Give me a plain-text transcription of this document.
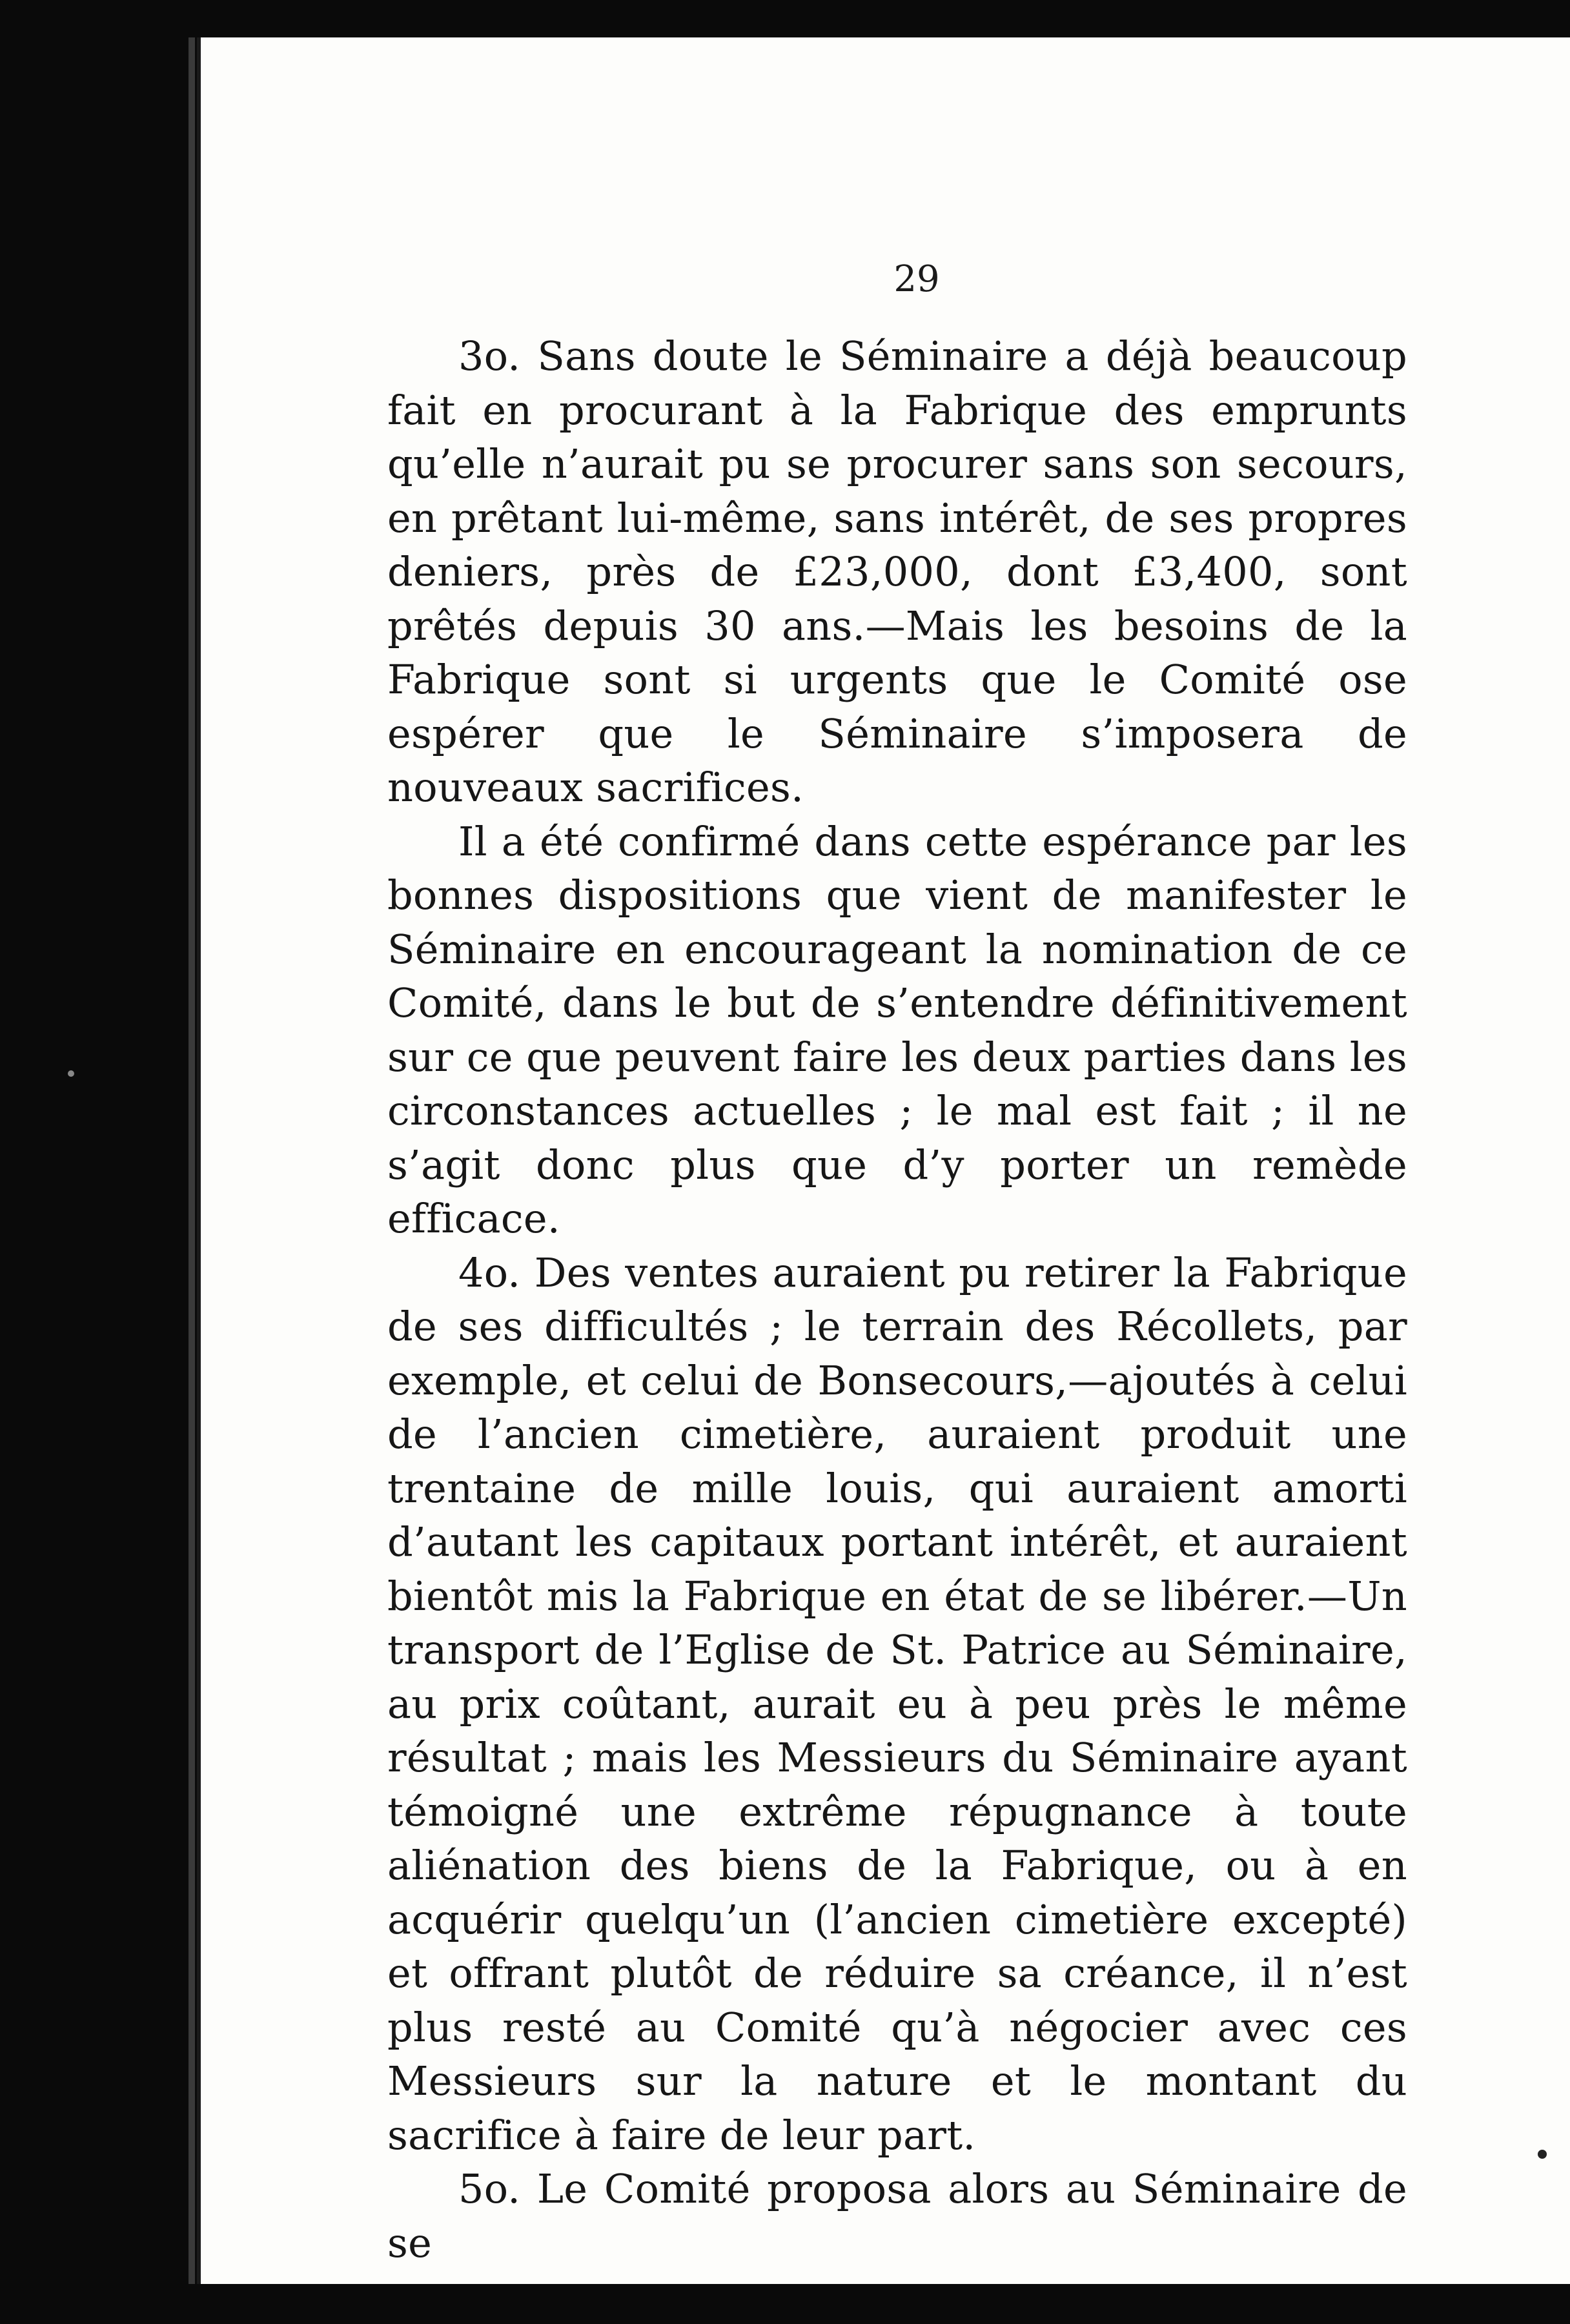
29

3o. Sans doute le Séminaire a déjà beaucoup fait en procurant à la Fabrique des emprunts qu’elle n’aurait pu se procurer sans son secours, en prêtant lui-même, sans intérêt, de ses propres deniers, près de £23,000, dont £3,400, sont prêtés depuis 30 ans.—Mais les besoins de la Fabrique sont si urgents que le Comité ose espérer que le Séminaire s’imposera de nouveaux sacrifices.

Il a été confirmé dans cette espérance par les bonnes dispositions que vient de manifester le Séminaire en encourageant la nomination de ce Comité, dans le but de s’entendre définitivement sur ce que peuvent faire les deux parties dans les circonstances actuelles ; le mal est fait ; il ne s’agit donc plus que d’y porter un remède efficace.

4o. Des ventes auraient pu retirer la Fabrique de ses difficultés ; le terrain des Récollets, par exemple, et celui de Bonsecours,—ajoutés à celui de l’ancien cimetière, auraient produit une trentaine de mille louis, qui auraient amorti d’autant les capitaux portant intérêt, et auraient bientôt mis la Fabrique en état de se libérer.—Un transport de l’Eglise de St. Patrice au Séminaire, au prix coûtant, aurait eu à peu près le même résultat ; mais les Messieurs du Séminaire ayant témoigné une extrême répugnance à toute aliénation des biens de la Fabrique, ou à en acquérir quelqu’un (l’ancien cimetière excepté) et offrant plutôt de réduire sa créance, il n’est plus resté au Comité qu’à négocier avec ces Messieurs sur la nature et le montant du sacrifice à faire de leur part.

5o. Le Comité proposa alors au Séminaire de se
